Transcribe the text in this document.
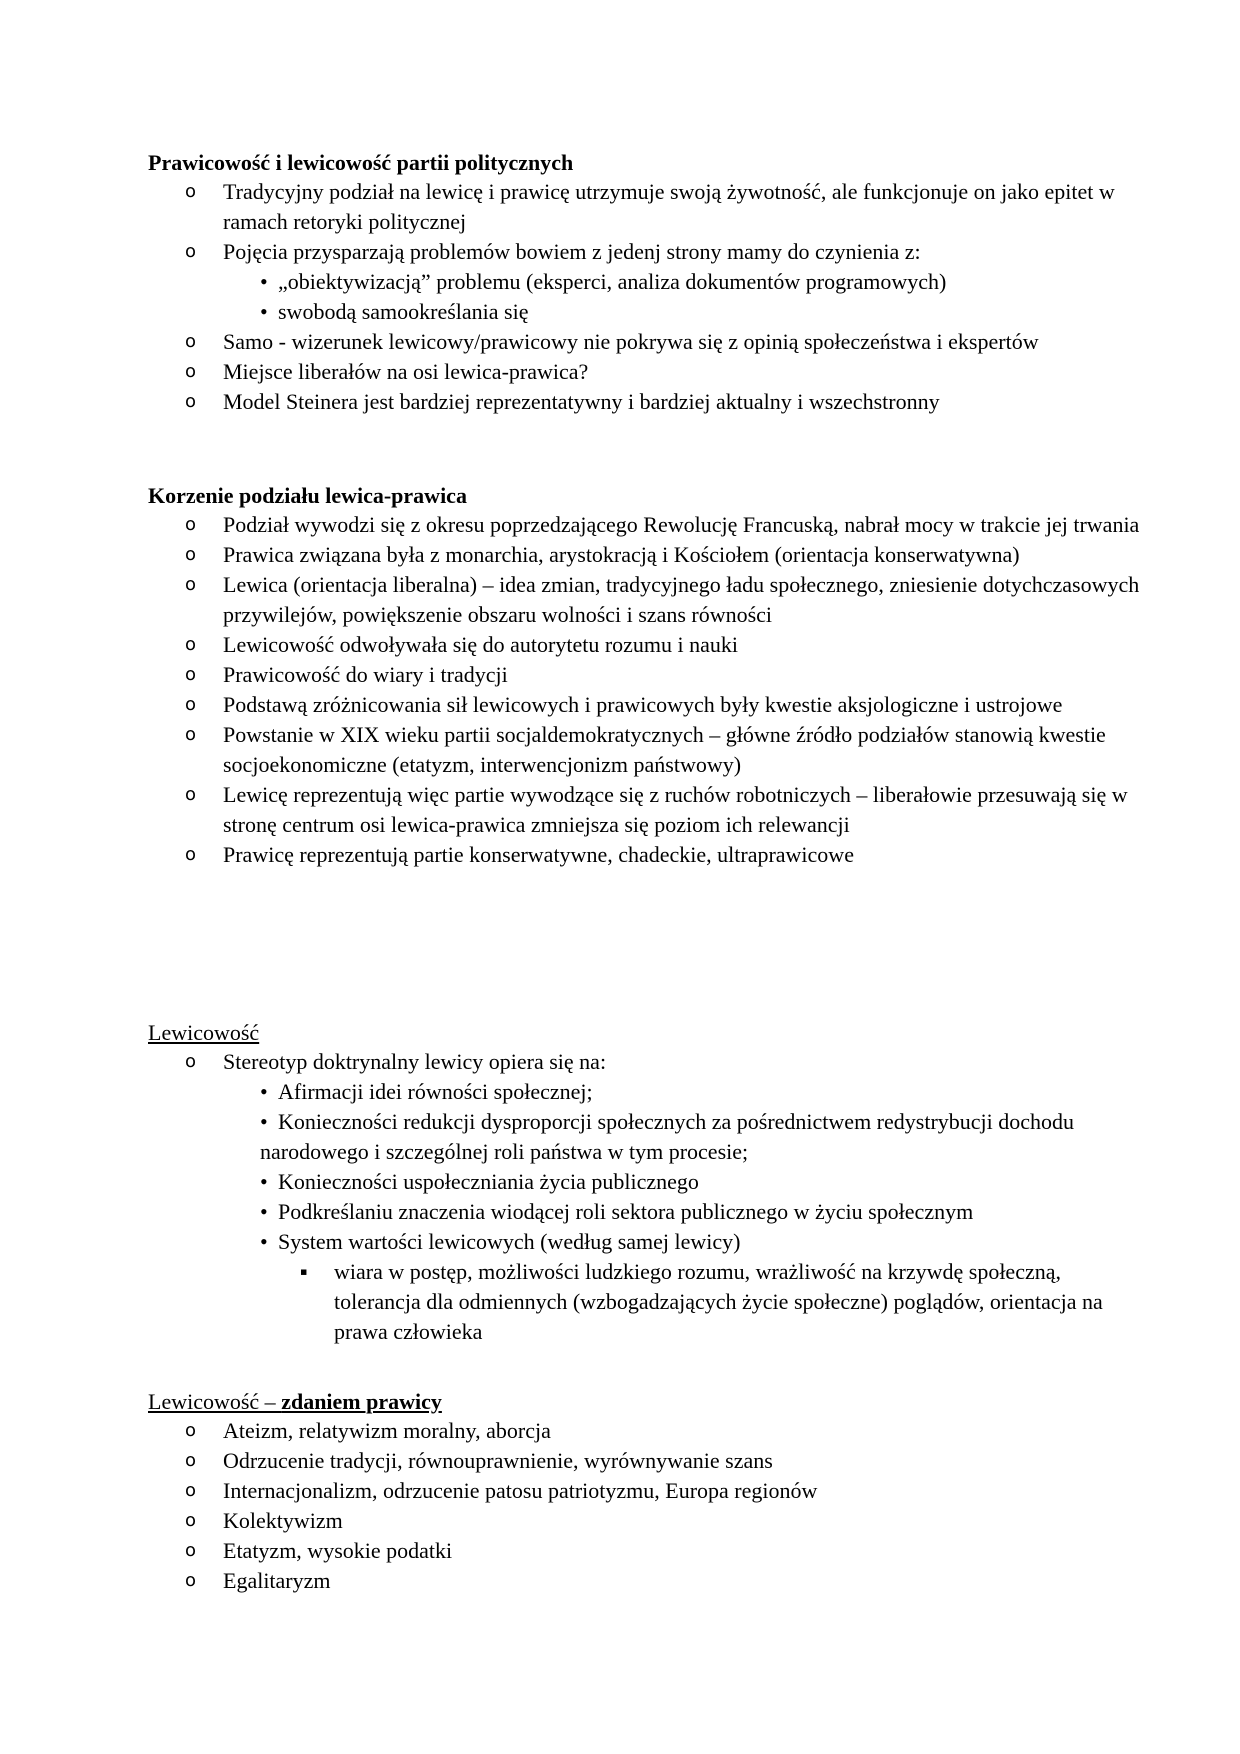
Prawicowość i lewicowość partii politycznych
o Tradycyjny podział na lewicę i prawicę utrzymuje swoją żywotność, ale funkcjonuje on jako epitet w ramach retoryki politycznej
o Pojęcia przysparzają problemów bowiem z jedenj strony mamy do czynienia z:
• „obiektywizacją” problemu (eksperci, analiza dokumentów programowych)
• swobodą samookreślania się
o Samo - wizerunek lewicowy/prawicowy nie pokrywa się z opinią społeczeństwa i ekspertów
o Miejsce liberałów na osi lewica-prawica?
o Model Steinera jest bardziej reprezentatywny i bardziej aktualny i wszechstronny
Korzenie podziału lewica-prawica
o Podział wywodzi się z okresu poprzedzającego Rewolucję Francuską, nabrał mocy w trakcie jej trwania
o Prawica związana była z monarchia, arystokracją i Kościołem (orientacja konserwatywna)
o Lewica (orientacja liberalna) – idea zmian, tradycyjnego ładu społecznego, zniesienie dotychczasowych przywilejów, powiększenie obszaru wolności i szans równości
o Lewicowość odwoływała się do autorytetu rozumu i nauki
o Prawicowość do wiary i tradycji
o Podstawą zróżnicowania sił lewicowych i prawicowych były kwestie aksjologiczne i ustrojowe
o Powstanie w XIX wieku partii socjaldemokratycznych – główne źródło podziałów stanowią kwestie socjoekonomiczne (etatyzm, interwencjonizm państwowy)
o Lewicę reprezentują więc partie wywodzące się z ruchów robotniczych – liberałowie przesuwają się w stronę centrum osi lewica-prawica zmniejsza się poziom ich relewancji
o Prawicę reprezentują partie konserwatywne, chadeckie, ultraprawicowe
Lewicowość
o Stereotyp doktrynalny lewicy opiera się na:
• Afirmacji idei równości społecznej;
• Konieczności redukcji dysproporcji społecznych za pośrednictwem redystrybucji dochodu narodowego i szczególnej roli państwa w tym procesie;
• Konieczności uspołeczniania życia publicznego
• Podkreślaniu znaczenia wiodącej roli sektora publicznego w życiu społecznym
• System wartości lewicowych (według samej lewicy)
▪ wiara w postęp, możliwości ludzkiego rozumu, wrażliwość na krzywdę społeczną, tolerancja dla odmiennych (wzbogadzających życie społeczne) poglądów, orientacja na prawa człowieka
Lewicowość – zdaniem prawicy
o Ateizm, relatywizm moralny, aborcja
o Odrzucenie tradycji, równouprawnienie, wyrównywanie szans
o Internacjonalizm, odrzucenie patosu patriotyzmu, Europa regionów
o Kolektywizm
o Etatyzm, wysokie podatki
o Egalitaryzm
